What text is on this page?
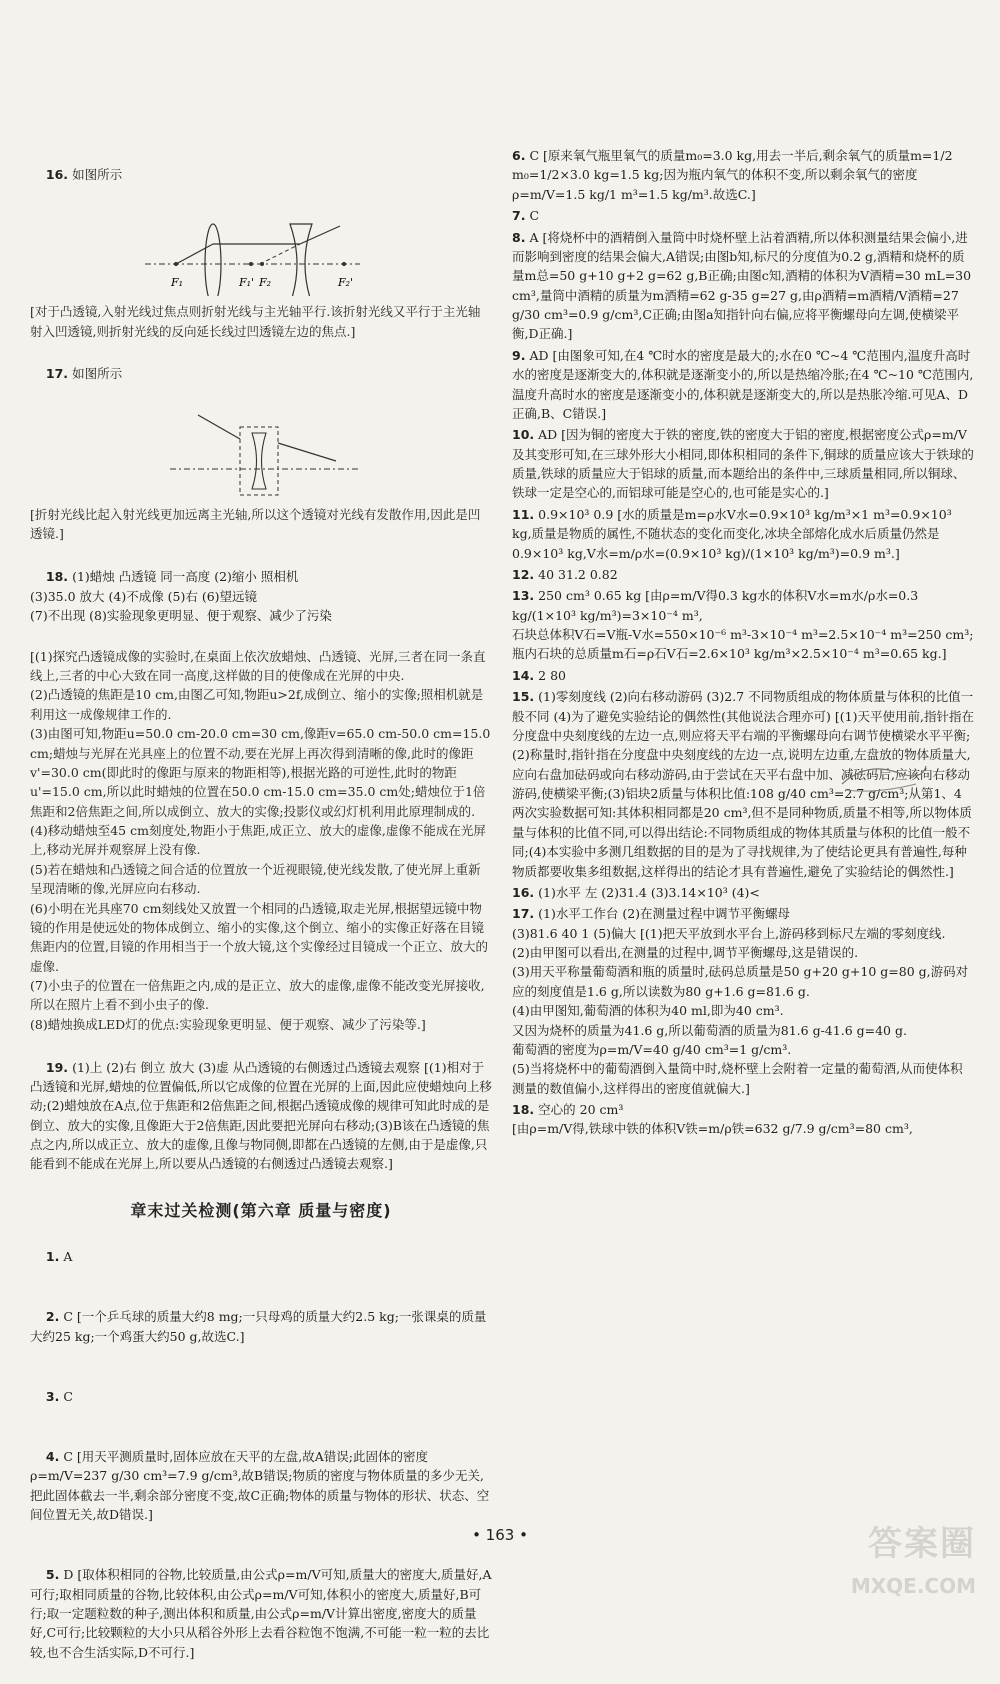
16. 如图所示

F₁	F₁' F₂	F₂'
[对于凸透镜,入射光线过焦点则折射光线与主光轴平行.该折射光线又平行于主光轴射入凹透镜,则折射光线的反向延长线过凹透镜左边的焦点.]

17. 如图所示

[折射光线比起入射光线更加远离主光轴,所以这个透镜对光线有发散作用,因此是凹透镜.]

18. (1)蜡烛 凸透镜 同一高度 (2)缩小 照相机
(3)35.0 放大 (4)不成像 (5)右 (6)望远镜
(7)不出现 (8)实验现象更明显、便于观察、减少了污染

[(1)探究凸透镜成像的实验时,在桌面上依次放蜡烛、凸透镜、光屏,三者在同一条直线上,三者的中心大致在同一高度,这样做的目的使像成在光屏的中央.
(2)凸透镜的焦距是10 cm,由图乙可知,物距u>2f,成倒立、缩小的实像;照相机就是利用这一成像规律工作的.
(3)由图可知,物距u=50.0 cm-20.0 cm=30 cm,像距v=65.0 cm-50.0 cm=15.0 cm;蜡烛与光屏在光具座上的位置不动,要在光屏上再次得到清晰的像,此时的像距v'=30.0 cm(即此时的像距与原来的物距相等),根据光路的可逆性,此时的物距u'=15.0 cm,所以此时蜡烛的位置在50.0 cm-15.0 cm=35.0 cm处;蜡烛位于1倍焦距和2倍焦距之间,所以成倒立、放大的实像;投影仪或幻灯机利用此原理制成的.
(4)移动蜡烛至45 cm刻度处,物距小于焦距,成正立、放大的虚像,虚像不能成在光屏上,移动光屏并观察屏上没有像.
(5)若在蜡烛和凸透镜之间合适的位置放一个近视眼镜,使光线发散,了使光屏上重新呈现清晰的像,光屏应向右移动.
(6)小明在光具座70 cm刻线处又放置一个相同的凸透镜,取走光屏,根据望远镜中物镜的作用是使远处的物体成倒立、缩小的实像,这个倒立、缩小的实像正好落在目镜焦距内的位置,目镜的作用相当于一个放大镜,这个实像经过目镜成一个正立、放大的虚像.
(7)小虫子的位置在一倍焦距之内,成的是正立、放大的虚像,虚像不能改变光屏接收,所以在照片上看不到小虫子的像.
(8)蜡烛换成LED灯的优点:实验现象更明显、便于观察、减少了污染等.]

19. (1)上 (2)右 倒立 放大 (3)虚 从凸透镜的右侧透过凸透镜去观察 [(1)相对于凸透镜和光屏,蜡烛的位置偏低,所以它成像的位置在光屏的上面,因此应使蜡烛向上移动;(2)蜡烛放在A点,位于焦距和2倍焦距之间,根据凸透镜成像的规律可知此时成的是倒立、放大的实像,且像距大于2倍焦距,因此要把光屏向右移动;(3)B该在凸透镜的焦点之内,所以成正立、放大的虚像,且像与物同侧,即都在凸透镜的左侧,由于是虚像,只能看到不能成在光屏上,所以要从凸透镜的右侧透过凸透镜去观察.]

章末过关检测(第六章 质量与密度)

1. A

2. C [一个乒乓球的质量大约8 mg;一只母鸡的质量大约2.5 kg;一张课桌的质量大约25 kg;一个鸡蛋大约50 g,故选C.]

3. C

4. C [用天平测质量时,固体应放在天平的左盘,故A错误;此固体的密度ρ=m/V=237 g/30 cm³=7.9 g/cm³,故B错误;物质的密度与物体质量的多少无关,把此固体截去一半,剩余部分密度不变,故C正确;物体的质量与物体的形状、状态、空间位置无关,故D错误.]

5. D [取体积相同的谷物,比较质量,由公式ρ=m/V可知,质量大的密度大,质量好,A可行;取相同质量的谷物,比较体积,由公式ρ=m/V可知,体积小的密度大,质量好,B可行;取一定题粒数的种子,测出体积和质量,由公式ρ=m/V计算出密度,密度大的质量好,C可行;比较颗粒的大小只从稻谷外形上去看谷粒饱不饱满,不可能一粒一粒的去比较,也不合生活实际,D不可行.]

6. C [原来氧气瓶里氧气的质量m₀=3.0 kg,用去一半后,剩余氧气的质量m=1/2 m₀=1/2×3.0 kg=1.5 kg;因为瓶内氧气的体积不变,所以剩余氧气的密度ρ=m/V=1.5 kg/1 m³=1.5 kg/m³.故选C.]
7. C
8. A [将烧杯中的酒精倒入量筒中时烧杯壁上沾着酒精,所以体积测量结果会偏小,进而影响到密度的结果会偏大,A错误;由图b知,标尺的分度值为0.2 g,酒精和烧杯的质量m总=50 g+10 g+2 g=62 g,B正确;由图c知,酒精的体积为V酒精=30 mL=30 cm³,量筒中酒精的质量为m酒精=62 g-35 g=27 g,由ρ酒精=m酒精/V酒精=27 g/30 cm³=0.9 g/cm³,C正确;由图a知指针向右偏,应将平衡螺母向左调,使横梁平衡,D正确.]
9. AD [由图象可知,在4 ℃时水的密度是最大的;水在0 ℃~4 ℃范围内,温度升高时水的密度是逐渐变大的,体积就是逐渐变小的,所以是热缩冷胀;在4 ℃~10 ℃范围内,温度升高时水的密度是逐渐变小的,体积就是逐渐变大的,所以是热胀冷缩.可见A、D正确,B、C错误.]
10. AD [因为铜的密度大于铁的密度,铁的密度大于铝的密度,根据密度公式ρ=m/V及其变形可知,在三球外形大小相同,即体积相同的条件下,铜球的质量应该大于铁球的质量,铁球的质量应大于铝球的质量,而本题给出的条件中,三球质量相同,所以铜球、铁球一定是空心的,而铝球可能是空心的,也可能是实心的.]
11. 0.9×10³ 0.9 [水的质量是m=ρ水V水=0.9×10³ kg/m³×1 m³=0.9×10³ kg,质量是物质的属性,不随状态的变化而变化,冰块全部熔化成水后质量仍然是0.9×10³ kg,V水=m/ρ水=(0.9×10³ kg)/(1×10³ kg/m³)=0.9 m³.]
12. 40 31.2 0.82
13. 250 cm³ 0.65 kg [由ρ=m/V得0.3 kg水的体积V水=m水/ρ水=0.3 kg/(1×10³ kg/m³)=3×10⁻⁴ m³,
石块总体积V石=V瓶-V水=550×10⁻⁶ m³-3×10⁻⁴ m³=2.5×10⁻⁴ m³=250 cm³;
瓶内石块的总质量m石=ρ石V石=2.6×10³ kg/m³×2.5×10⁻⁴ m³=0.65 kg.]
14. 2 80
15. (1)零刻度线 (2)向右移动游码 (3)2.7 不同物质组成的物体质量与体积的比值一般不同 (4)为了避免实验结论的偶然性(其他说法合理亦可) [(1)天平使用前,指针指在分度盘中央刻度线的左边一点,则应将天平右端的平衡螺母向右调节使横梁水平平衡;(2)称量时,指针指在分度盘中央刻度线的左边一点,说明左边重,左盘放的物体质量大,应向右盘加砝码或向右移动游码,由于尝试在天平右盘中加、减砝码后,应该向右移动游码,使横梁平衡;(3)铝块2质量与体积比值:108 g/40 cm³=2.7 g/cm³;从第1、4两次实验数据可知:其体积相同都是20 cm³,但不是同种物质,质量不相等,所以物体质量与体积的比值不同,可以得出结论:不同物质组成的物体其质量与体积的比值一般不同;(4)本实验中多测几组数据的目的是为了寻找规律,为了使结论更具有普遍性,每种物质都要收集多组数据,这样得出的结论才具有普遍性,避免了实验结论的偶然性.]
16. (1)水平 左 (2)31.4 (3)3.14×10³ (4)<
17. (1)水平工作台 (2)在测量过程中调节平衡螺母
(3)81.6 40 1 (5)偏大 [(1)把天平放到水平台上,游码移到标尺左端的零刻度线.
(2)由甲图可以看出,在测量的过程中,调节平衡螺母,这是错误的.
(3)用天平称量葡萄酒和瓶的质量时,砝码总质量是50 g+20 g+10 g=80 g,游码对应的刻度值是1.6 g,所以读数为80 g+1.6 g=81.6 g.
(4)由甲图知,葡萄酒的体积为40 ml,即为40 cm³.
又因为烧杯的质量为41.6 g,所以葡萄酒的质量为81.6 g-41.6 g=40 g.
葡萄酒的密度为ρ=m/V=40 g/40 cm³=1 g/cm³.
(5)当将烧杯中的葡萄酒倒入量筒中时,烧杯壁上会附着一定量的葡萄酒,从而使体积测量的数值偏小,这样得出的密度值就偏大.]
18. 空心的 20 cm³
[由ρ=m/V得,铁球中铁的体积V铁=m/ρ铁=632 g/7.9 g/cm³=80 cm³,
• 163 •	答案圈
MXQE.COM
